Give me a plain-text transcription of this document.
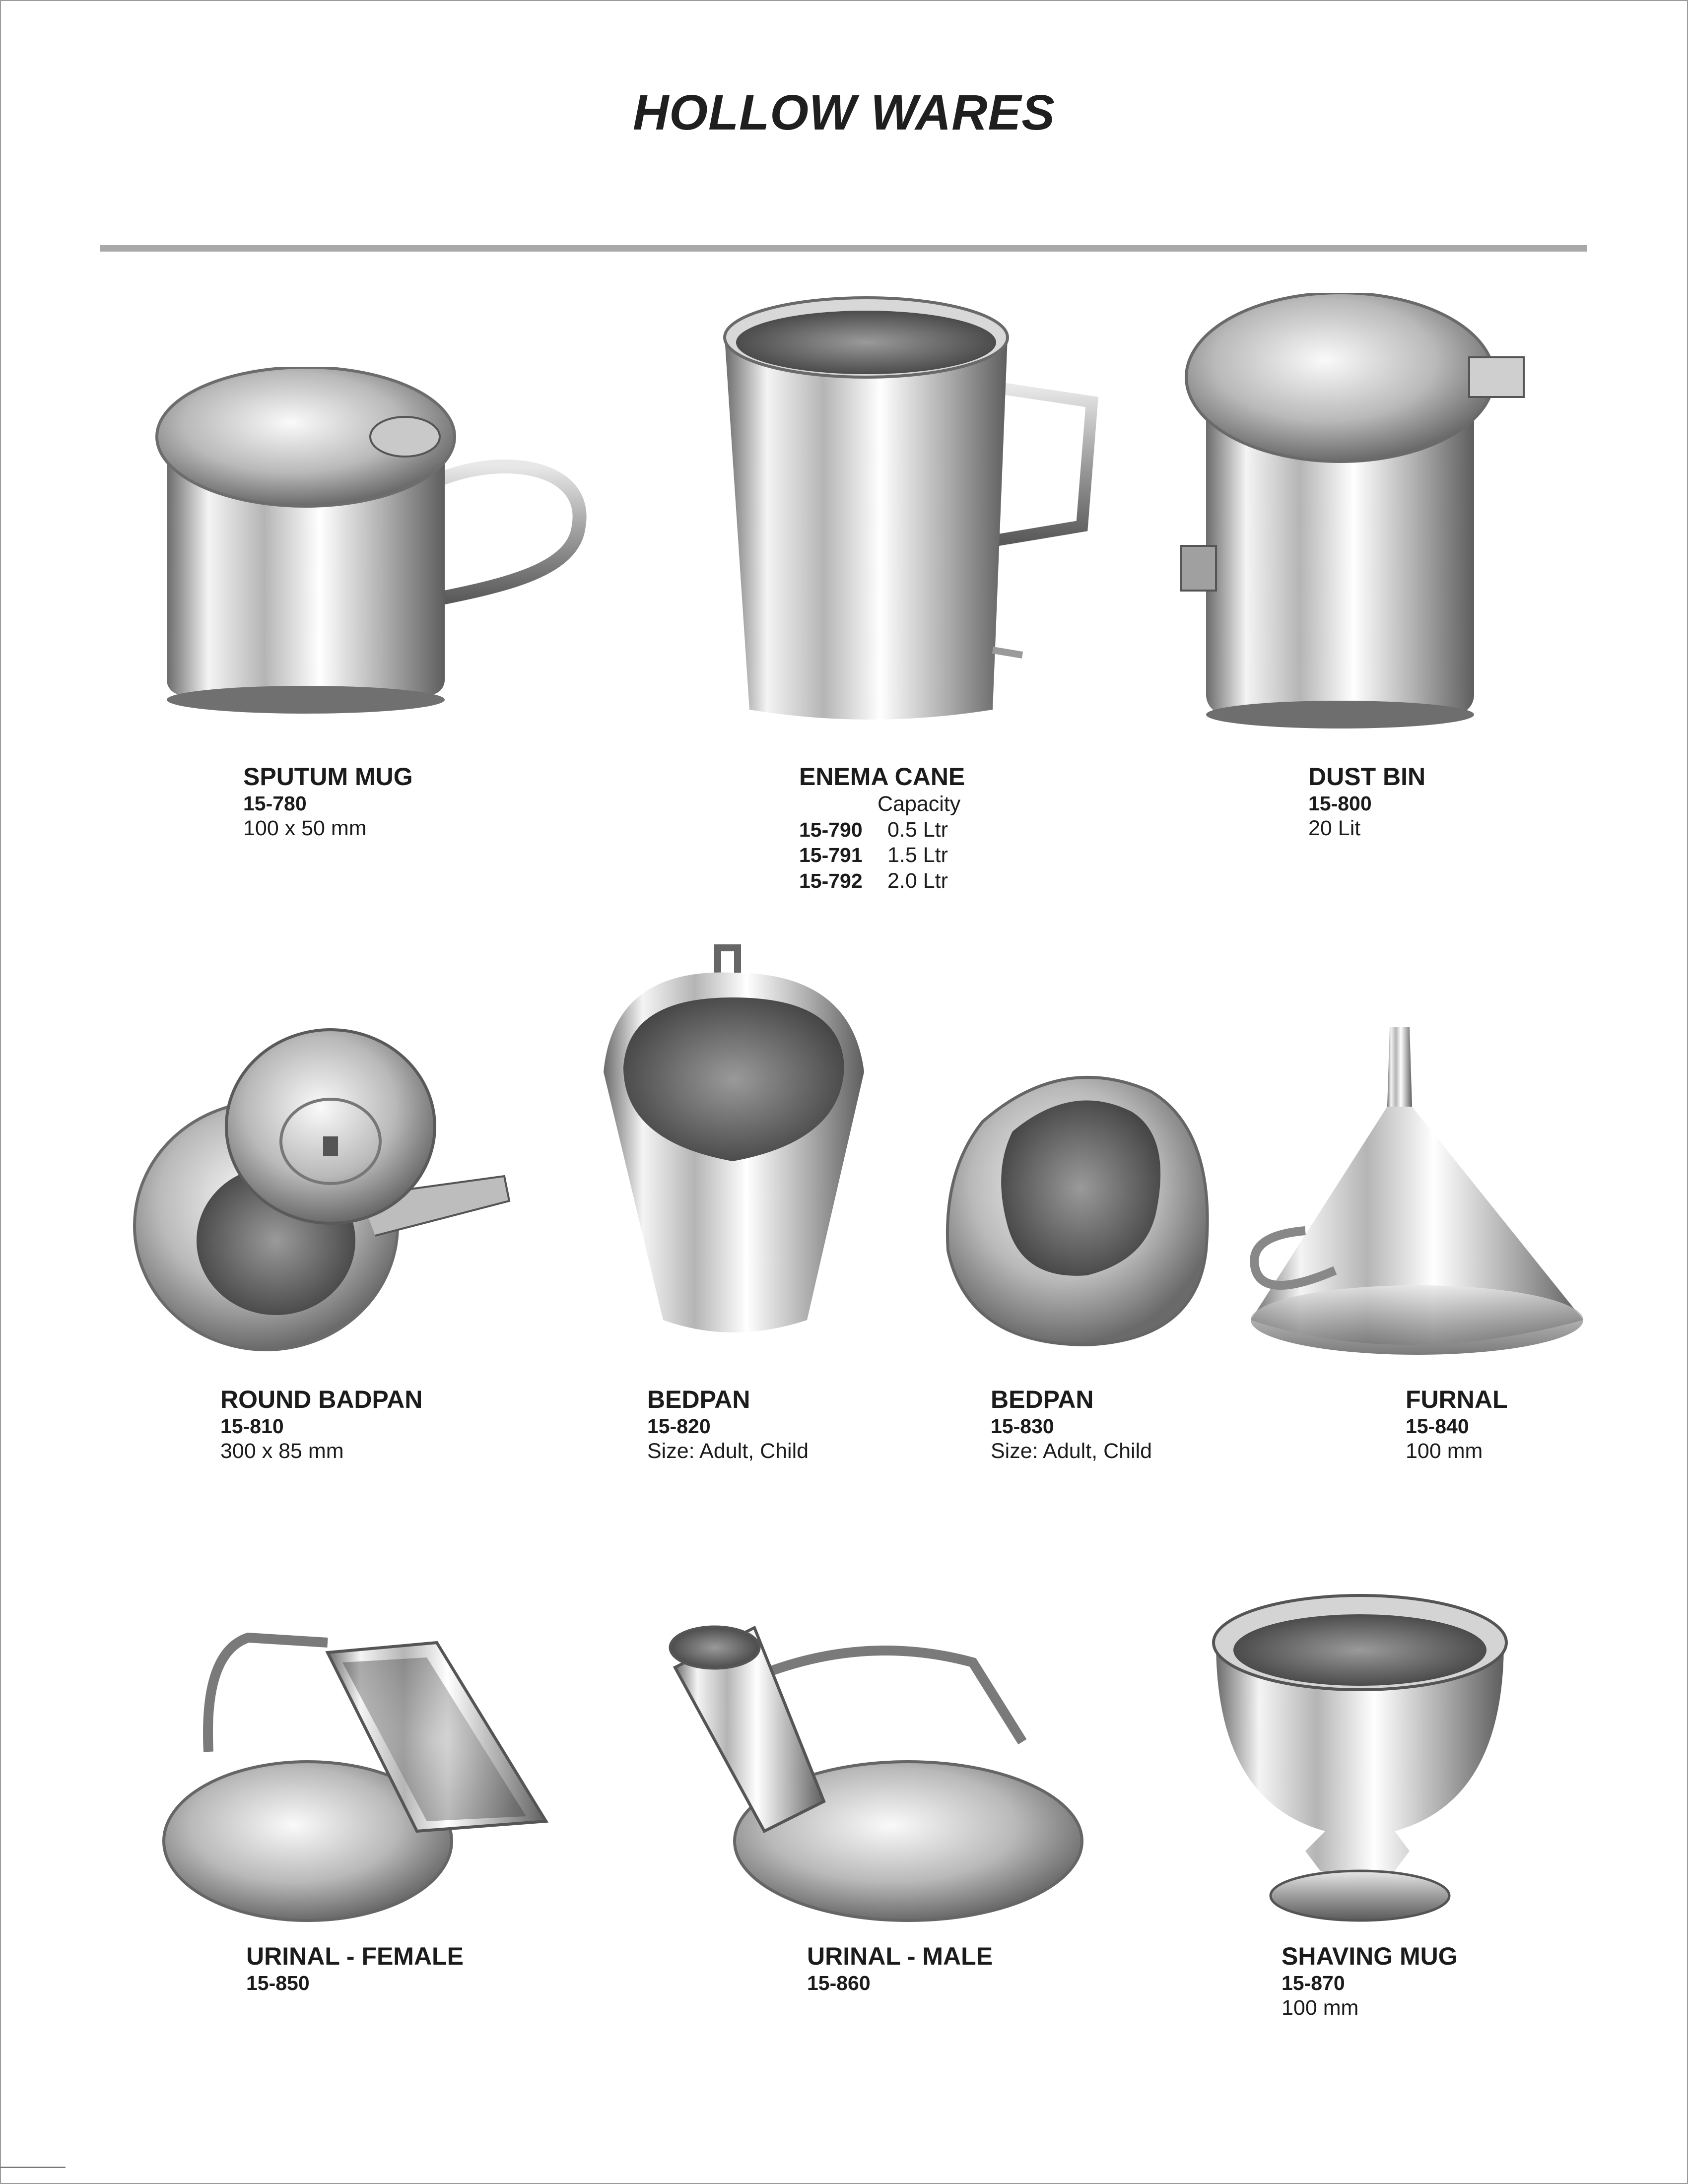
HOLLOW WARES
SPUTUM MUG
15-780
100 x 50 mm
ENEMA CANE
Capacity
15-790 0.5 Ltr
15-791 1.5 Ltr
15-792 2.0 Ltr
DUST BIN
15-800
20 Lit
ROUND BADPAN
15-810
300 x 85 mm
BEDPAN
15-820
Size: Adult, Child
BEDPAN
15-830
Size: Adult, Child
FURNAL
15-840
100 mm
URINAL - FEMALE
15-850
URINAL - MALE
15-860
SHAVING MUG
15-870
100 mm
